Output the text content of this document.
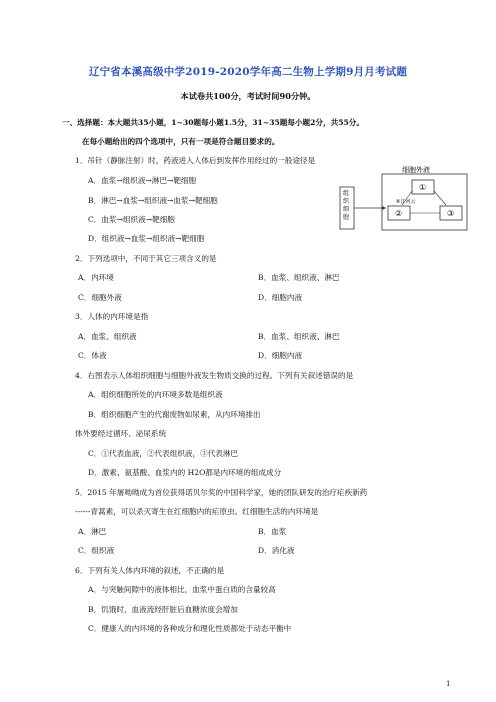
辽宁省本溪高级中学2019-2020学年高二生物上学期9月月考试题
本试卷共100分，考试时间90分钟。
一、选择题：本大题共35小题，1~30题每小题1.5分，31~35题每小题2分，共55分。
在每小题给出的四个选项中，只有一项是符合题目要求的。
1．吊针（静脉注射）时，药液进入人体后到发挥作用经过的一般途径是
A．血浆→组织液→淋巴→靶细胞
B．淋巴→血浆→组织液→血浆→靶细胞
C．血浆→组织液→靶细胞
D．组织液→血浆→组织液→靶细胞
细胞外液
组
织
细
胞
①
②	③
⑥江河云
2．下列选项中，不同于其它三项含义的是
A．内环境	B．血浆、组织液、淋巴
C．细胞外液	D．细胞内液
3．人体的内环境是指
A．血浆、组织液	B．血浆、组织液、淋巴
C．体液	D．细胞内液
4．右图表示人体组织细胞与细胞外液发生物质交换的过程。下列有关叙述错误的是
A．组织细胞所处的内环境多数是组织液
B．组织细胞产生的代谢废物如尿素，从内环境排出
体外要经过循环、泌尿系统
C．①代表血液，②代表组织液，③代表淋巴
D．激素、氨基酸、血浆内的 H2O都是内环境的组成成分
5．2015 年屠呦呦成为首位获得诺贝尔奖的中国科学家，她的团队研发的治疗疟疾新药
------青蒿素，可以杀灭寄生在红细胞内的疟原虫。红细胞生活的内环境是
A．淋巴	B．血浆
C．组织液	D．消化液
6．下列有关人体内环境的叙述，不正确的是
A．与突触间隙中的液体相比，血浆中蛋白质的含量较高
B．饥饿时，血液流经肝脏后血糖浓度会增加
C．健康人的内环境的各种成分和理化性质都处于动态平衡中
1
